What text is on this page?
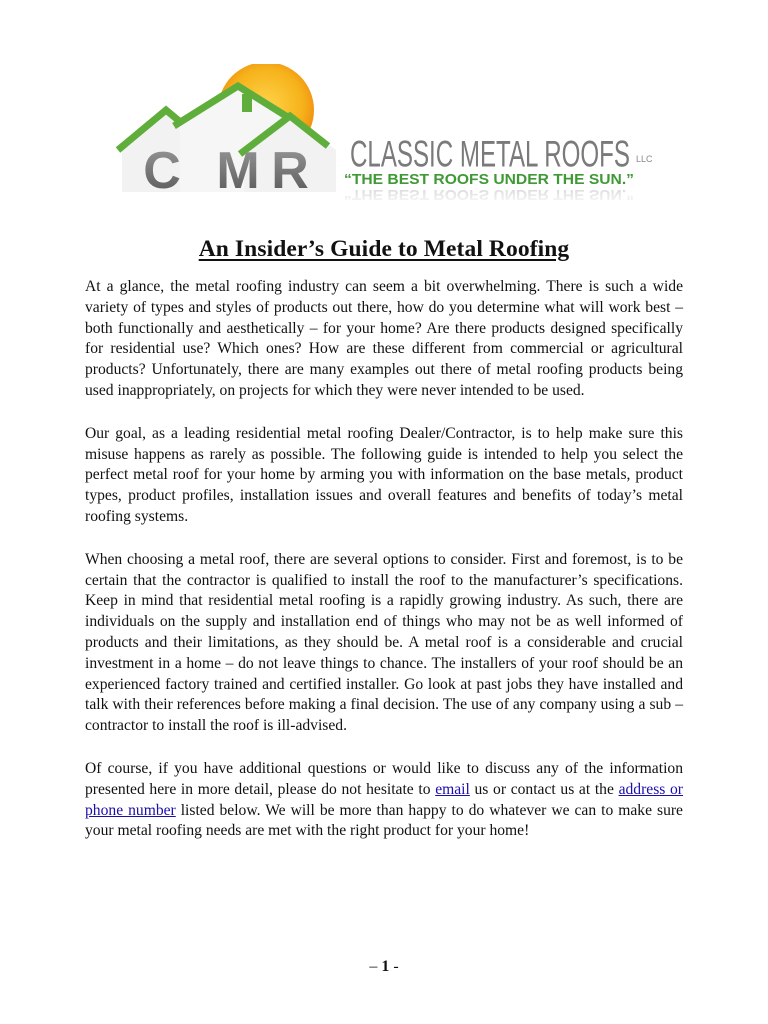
C M R CLASSIC METAL ROOFS LLC
“THE BEST ROOFS UNDER THE SUN.”
An Insider’s Guide to Metal Roofing

At a glance, the metal roofing industry can seem a bit overwhelming. There is such a wide variety of types and styles of products out there, how do you determine what will work best – both functionally and aesthetically – for your home? Are there products designed specifically for residential use? Which ones? How are these different from commercial or agricultural products? Unfortunately, there are many examples out there of metal roofing products being used inappropriately, on projects for which they were never intended to be used.

Our goal, as a leading residential metal roofing Dealer/Contractor, is to help make sure this misuse happens as rarely as possible. The following guide is intended to help you select the perfect metal roof for your home by arming you with information on the base metals, product types, product profiles, installation issues and overall features and benefits of today’s metal roofing systems.

When choosing a metal roof, there are several options to consider. First and foremost, is to be certain that the contractor is qualified to install the roof to the manufacturer’s specifications. Keep in mind that residential metal roofing is a rapidly growing industry. As such, there are individuals on the supply and installation end of things who may not be as well informed of products and their limitations, as they should be. A metal roof is a considerable and crucial investment in a home – do not leave things to chance. The installers of your roof should be an experienced factory trained and certified installer. Go look at past jobs they have installed and talk with their references before making a final decision. The use of any company using a sub –contractor to install the roof is ill-advised.

Of course, if you have additional questions or would like to discuss any of the information presented here in more detail, please do not hesitate to email us or contact us at the address or phone number listed below. We will be more than happy to do whatever we can to make sure your metal roofing needs are met with the right product for your home!

– 1 -
